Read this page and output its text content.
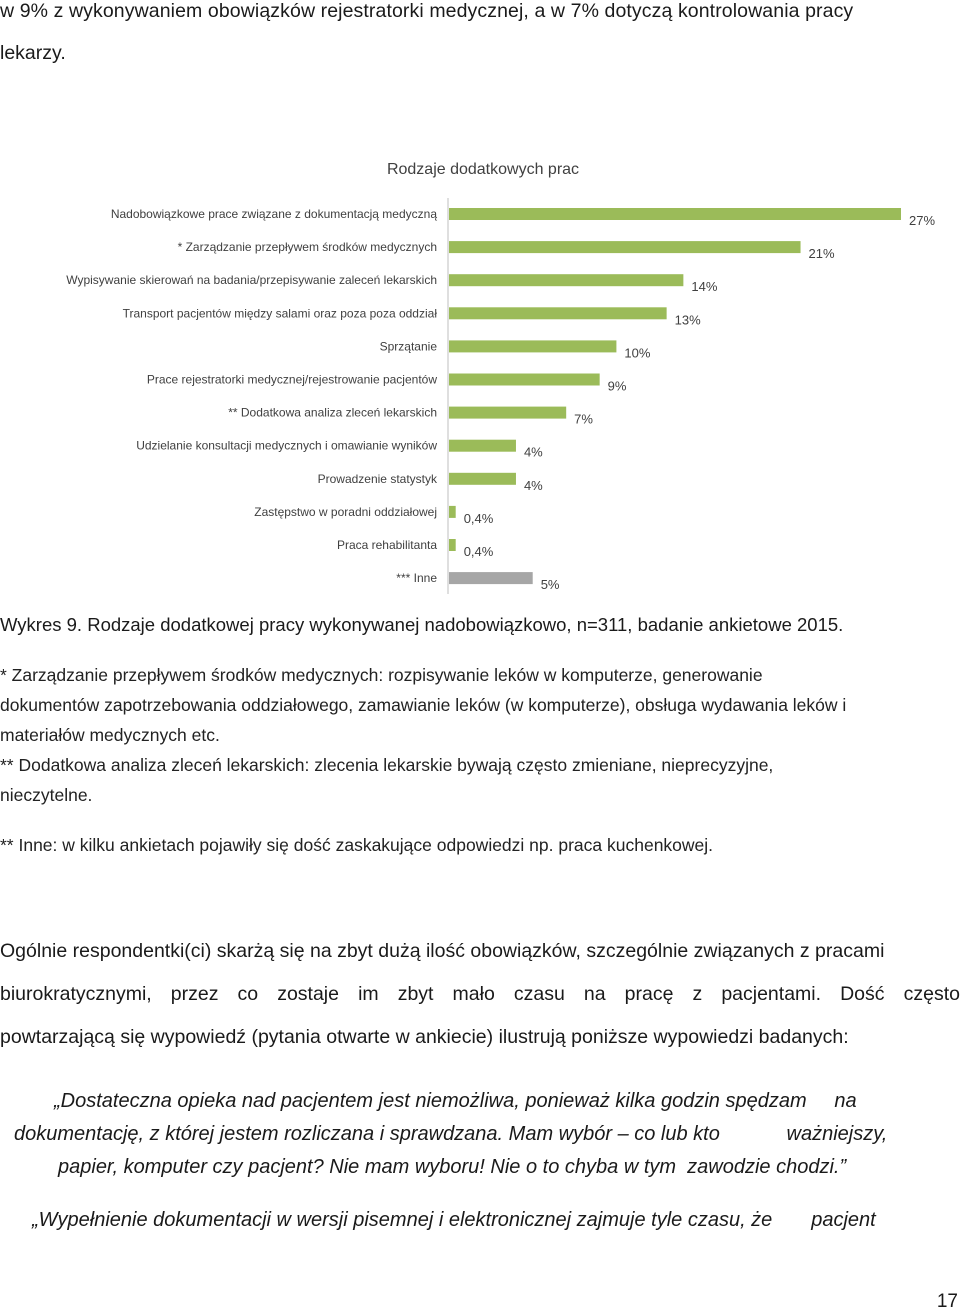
w 9% z wykonywaniem obowiązków rejestratorki medycznej, a w 7% dotyczą kontrolowania pracy
lekarzy.
Rodzaje dodatkowych prac
Nadobowiązkowe prace związane z dokumentacją medyczną	27%
* Zarządzanie przepływem środków medycznych	21%
Wypisywanie skierowań na badania/przepisywanie zaleceń lekarskich	14%
Transport pacjentów między salami oraz poza poza oddział	13%
Sprzątanie	10%
Prace rejestratorki medycznej/rejestrowanie pacjentów	9%
** Dodatkowa analiza zleceń lekarskich	7%
Udzielanie konsultacji medycznych i omawianie wyników	4%
Prowadzenie statystyk	4%
Zastępstwo w poradni oddziałowej 0,4%
Praca rehabilitanta 0,4%
*** Inne	5%
Wykres 9. Rodzaje dodatkowej pracy wykonywanej nadobowiązkowo, n=311, badanie ankietowe 2015.
* Zarządzanie przepływem środków medycznych: rozpisywanie leków w komputerze, generowanie
dokumentów zapotrzebowania oddziałowego, zamawianie leków (w komputerze), obsługa wydawania leków i
materiałów medycznych etc.
** Dodatkowa analiza zleceń lekarskich: zlecenia lekarskie bywają często zmieniane, nieprecyzyjne,
nieczytelne.
** Inne: w kilku ankietach pojawiły się dość zaskakujące odpowiedzi np. praca kuchenkowej.
Ogólnie respondentki(ci) skarżą się na zbyt dużą ilość obowiązków, szczególnie związanych z pracami
biurokratycznymi, przez co zostaje im zbyt mało czasu na pracę z pacjentami. Dość często
powtarzającą się wypowiedź (pytania otwarte w ankiecie) ilustrują poniższe wypowiedzi badanych:
„Dostateczna opieka nad pacjentem jest niemożliwa, ponieważ kilka godzin spędzam     na
dokumentację, z której jestem rozliczana i sprawdzana. Mam wybór – co lub kto            ważniejszy,
papier, komputer czy pacjent? Nie mam wyboru! Nie o to chyba w tym  zawodzie chodzi.”
„Wypełnienie dokumentacji w wersji pisemnej i elektronicznej zajmuje tyle czasu, że       pacjent
17
